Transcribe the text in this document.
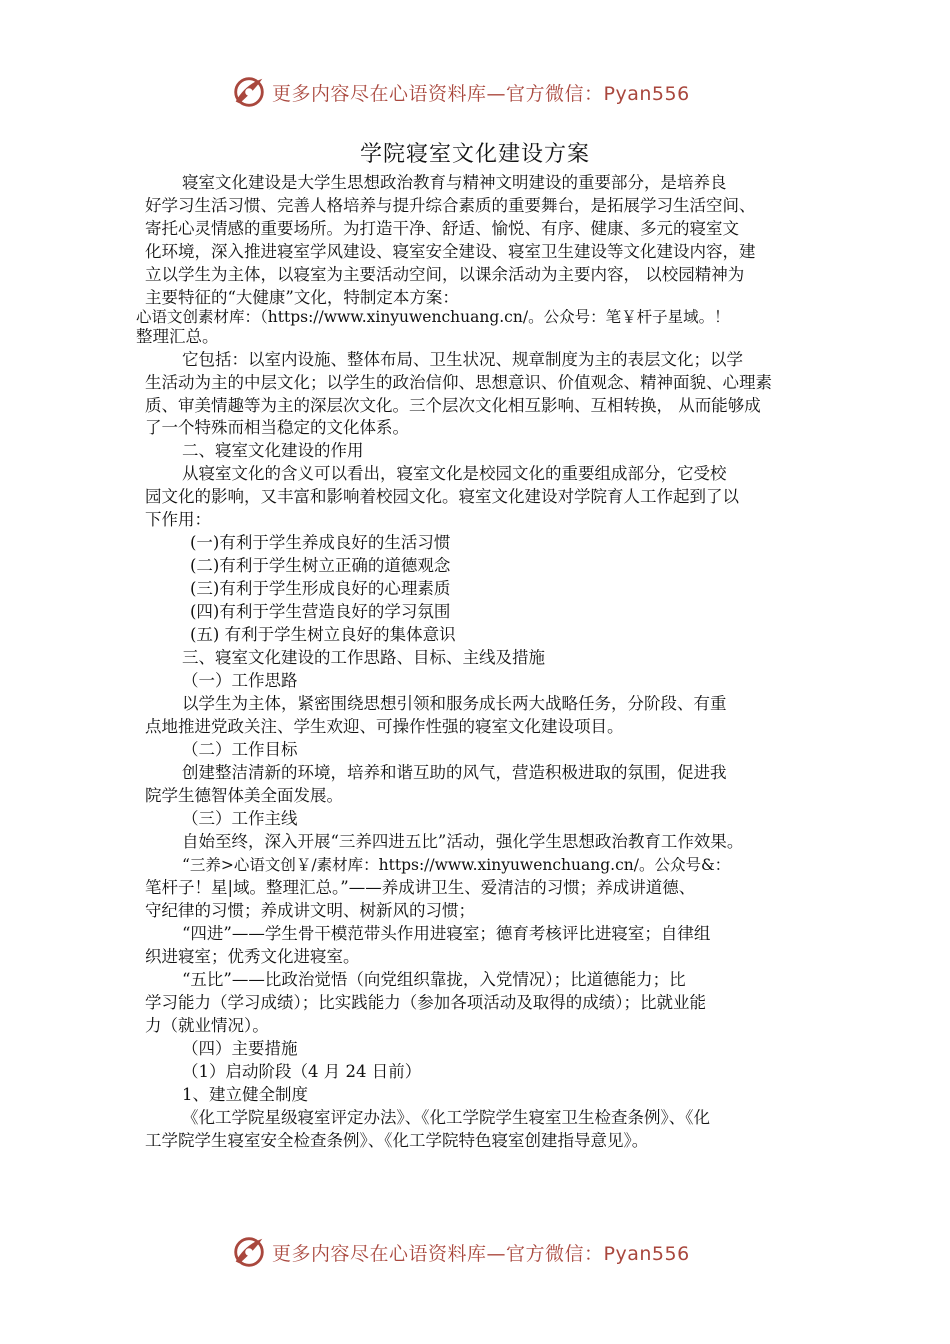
更多内容尽在心语资料库—官方微信：Pyan556
学院寝室文化建设方案
寝室文化建设是大学生思想政治教育与精神文明建设的重要部分，是培养良
好学习生活习惯、完善人格培养与提升综合素质的重要舞台，是拓展学习生活空间、
寄托心灵情感的重要场所。为打造干净、舒适、愉悦、有序、健康、多元的寝室文
化环境，深入推进寝室学风建设、寝室安全建设、寝室卫生建设等文化建设内容，建
立以学生为主体，以寝室为主要活动空间，以课余活动为主要内容， 以校园精神为
主要特征的“大健康”文化，特制定本方案：
心语文创素材库：（https://www.xinyuwenchuang.cn/。公众号：笔￥杆子星域。！
整理汇总。
它包括：以室内设施、整体布局、卫生状况、规章制度为主的表层文化；以学
生活动为主的中层文化；以学生的政治信仰、思想意识、价值观念、精神面貌、心理素
质、审美情趣等为主的深层次文化。三个层次文化相互影响、互相转换， 从而能够成
了一个特殊而相当稳定的文化体系。
二、寝室文化建设的作用
从寝室文化的含义可以看出，寝室文化是校园文化的重要组成部分，它受校
园文化的影响，又丰富和影响着校园文化。寝室文化建设对学院育人工作起到了以
下作用：
(一)有利于学生养成良好的生活习惯
(二)有利于学生树立正确的道德观念
(三)有利于学生形成良好的心理素质
(四)有利于学生营造良好的学习氛围
(五) 有利于学生树立良好的集体意识
三、寝室文化建设的工作思路、目标、主线及措施
（一）工作思路
以学生为主体，紧密围绕思想引领和服务成长两大战略任务，分阶段、有重
点地推进党政关注、学生欢迎、可操作性强的寝室文化建设项目。
（二）工作目标
创建整洁清新的环境，培养和谐互助的风气，营造积极进取的氛围，促进我
院学生德智体美全面发展。
（三）工作主线
自始至终，深入开展“三养四进五比”活动，强化学生思想政治教育工作效果。
“三养>心语文创￥/素材库：https://www.xinyuwenchuang.cn/。公众号&：
笔杆子！星|域。整理汇总。”——养成讲卫生、爱清洁的习惯；养成讲道德、
守纪律的习惯；养成讲文明、树新风的习惯；
“四进”——学生骨干模范带头作用进寝室；德育考核评比进寝室；自律组
织进寝室；优秀文化进寝室。
“五比”——比政治觉悟（向党组织靠拢，入党情况）；比道德能力；比
学习能力（学习成绩）；比实践能力（参加各项活动及取得的成绩）；比就业能
力（就业情况）。
（四）主要措施
（1）启动阶段（4 月 24 日前）
1、建立健全制度
《化工学院星级寝室评定办法》、《化工学院学生寝室卫生检查条例》、《化
工学院学生寝室安全检查条例》、《化工学院特色寝室创建指导意见》。
更多内容尽在心语资料库—官方微信：Pyan556
